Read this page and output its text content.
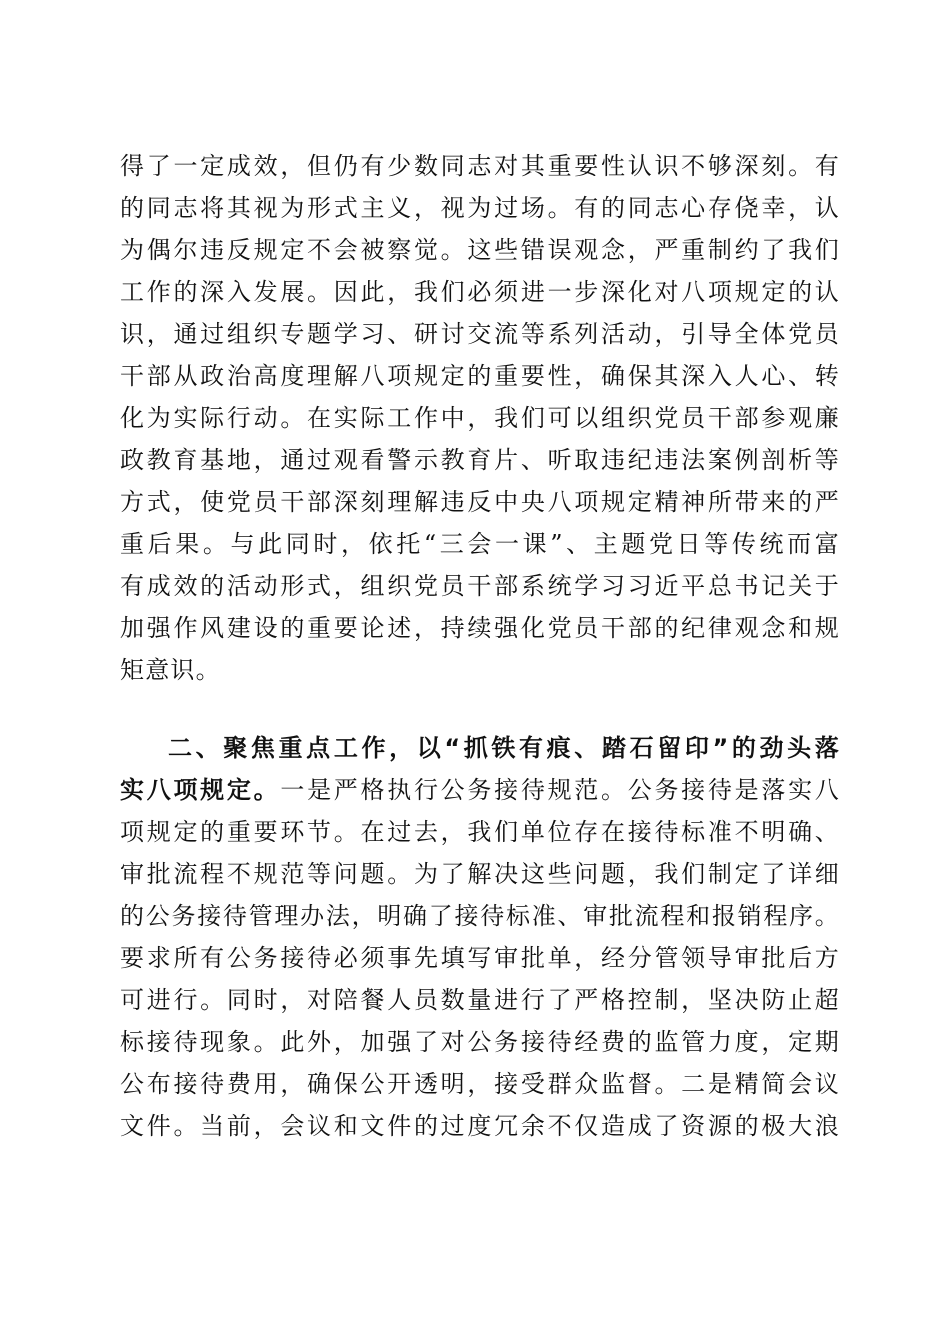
得了一定成效，但仍有少数同志对其重要性认识不够深刻。有
的同志将其视为形式主义，视为过场。有的同志心存侥幸，认
为偶尔违反规定不会被察觉。这些错误观念，严重制约了我们
工作的深入发展。因此，我们必须进一步深化对八项规定的认
识，通过组织专题学习、研讨交流等系列活动，引导全体党员
干部从政治高度理解八项规定的重要性，确保其深入人心、转
化为实际行动。在实际工作中，我们可以组织党员干部参观廉
政教育基地，通过观看警示教育片、听取违纪违法案例剖析等
方式，使党员干部深刻理解违反中央八项规定精神所带来的严
重后果。与此同时，依托“三会一课”、主题党日等传统而富
有成效的活动形式，组织党员干部系统学习习近平总书记关于
加强作风建设的重要论述，持续强化党员干部的纪律观念和规
矩意识。
二、聚焦重点工作，以“抓铁有痕、踏石留印”的劲头落
实八项规定。一是严格执行公务接待规范。公务接待是落实八
项规定的重要环节。在过去，我们单位存在接待标准不明确、
审批流程不规范等问题。为了解决这些问题，我们制定了详细
的公务接待管理办法，明确了接待标准、审批流程和报销程序。
要求所有公务接待必须事先填写审批单，经分管领导审批后方
可进行。同时，对陪餐人员数量进行了严格控制，坚决防止超
标接待现象。此外，加强了对公务接待经费的监管力度，定期
公布接待费用，确保公开透明，接受群众监督。二是精简会议
文件。当前，会议和文件的过度冗余不仅造成了资源的极大浪
